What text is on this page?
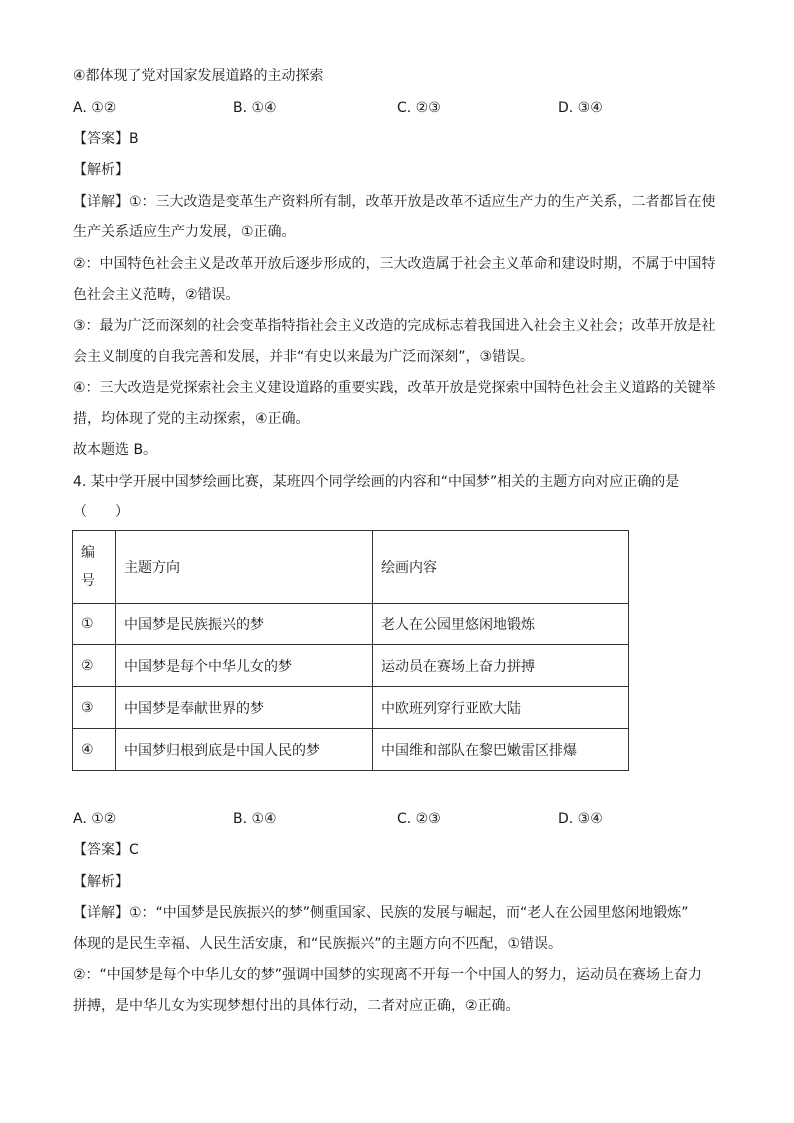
④都体现了党对国家发展道路的主动探索
A. ①②	B. ①④	C. ②③	D. ③④
【答案】B
【解析】
【详解】①：三大改造是变革生产资料所有制，改革开放是改革不适应生产力的生产关系，二者都旨在使
生产关系适应生产力发展，①正确。
②：中国特色社会主义是改革开放后逐步形成的，三大改造属于社会主义革命和建设时期，不属于中国特
色社会主义范畴，②错误。
③：最为广泛而深刻的社会变革指特指社会主义改造的完成标志着我国进入社会主义社会；改革开放是社
会主义制度的自我完善和发展，并非“有史以来最为广泛而深刻”，③错误。
④：三大改造是党探索社会主义建设道路的重要实践，改革开放是党探索中国特色社会主义道路的关键举
措，均体现了党的主动探索，④正确。
故本题选 B。
4. 某中学开展中国梦绘画比赛，某班四个同学绘画的内容和“中国梦”相关的主题方向对应正确的是
（　　）
编号	主题方向	绘画内容
①	中国梦是民族振兴的梦	老人在公园里悠闲地锻炼
②	中国梦是每个中华儿女的梦	运动员在赛场上奋力拼搏
③	中国梦是奉献世界的梦	中欧班列穿行亚欧大陆
④	中国梦归根到底是中国人民的梦	中国维和部队在黎巴嫩雷区排爆
A. ①②	B. ①④	C. ②③	D. ③④
【答案】C
【解析】
【详解】①：“中国梦是民族振兴的梦”侧重国家、民族的发展与崛起，而“老人在公园里悠闲地锻炼”
体现的是民生幸福、人民生活安康，和“民族振兴”的主题方向不匹配，①错误。
②：“中国梦是每个中华儿女的梦”强调中国梦的实现离不开每一个中国人的努力，运动员在赛场上奋力
拼搏，是中华儿女为实现梦想付出的具体行动，二者对应正确，②正确。
